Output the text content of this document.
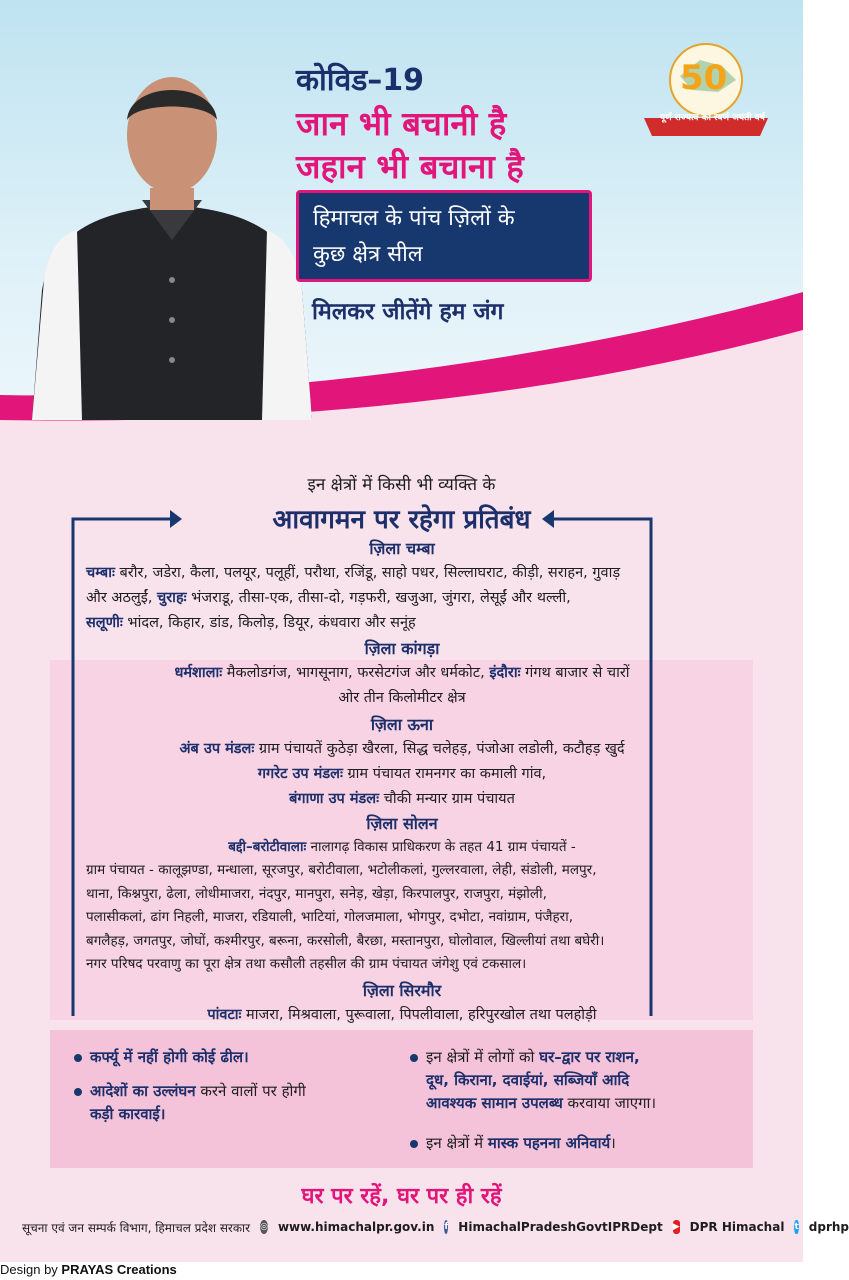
कोविड–19
जान भी बचानी है
जहान भी बचाना है
हिमाचल के पांच ज़िलों के
कुछ क्षेत्र सील
मिलकर जीतेंगे हम जंग
50
पूर्ण राज्यत्व का स्वर्ण जयंती वर्ष
इन क्षेत्रों में किसी भी व्यक्ति के
आवागमन पर रहेगा प्रतिबंध
ज़िला चम्बा
चम्बाः बरौर, जडेरा, कैला, पलयूर, पलूहीं, परौथा, रजिंडू, साहो पधर, सिल्लाघराट, कीड़ी, सराहन, गुवाड़
और अठलुईं, चुराहः भंजराडू, तीसा-एक, तीसा-दो, गड़फरी, खजुआ, जुंगरा, लेसूईं और थल्ली,
सलूणीः भांदल, किहार, डांड, किलोड़, डियूर, कंधवारा और सनूंह
ज़िला कांगड़ा
धर्मशालाः मैकलोडगंज, भागसूनाग, फरसेटगंज और धर्मकोट, इंदौराः गंगथ बाजार से चारों
ओर तीन किलोमीटर क्षेत्र
ज़िला ऊना
अंब उप मंडलः ग्राम पंचायतें कुठेड़ा खैरला, सिद्ध चलेहड़, पंजोआ लडोली, कटौहड़ खुर्द
गगरेट उप मंडलः ग्राम पंचायत रामनगर का कमाली गांव,
बंगाणा उप मंडलः चौकी मन्यार ग्राम पंचायत
ज़िला सोलन
बद्दी–बरोटीवालाः नालागढ़ विकास प्राधिकरण के तहत 41 ग्राम पंचायतें -
ग्राम पंचायत - कालूझण्डा, मन्धाला, सूरजपुर, बरोटीवाला, भटोलीकलां, गुल्लरवाला, लेही, संडोली, मलपुर,
थाना, किश्नपुरा, ढेला, लोधीमाजरा, नंदपुर, मानपुरा, सनेड़, खेड़ा, किरपालपुर, राजपुरा, मंझोली,
पलासीकलां, ढांग निहली, माजरा, रडियाली, भाटियां, गोलजमाला, भोगपुर, दभोटा, नवांग्राम, पंजैहरा,
बगलैहड़, जगतपुर, जोघों, कश्मीरपुर, बरूना, करसोली, बैरछा, मस्तानपुरा, घोलोवाल, खिल्लीयां तथा बघेरी।
नगर परिषद परवाणु का पूरा क्षेत्र तथा कसौली तहसील की ग्राम पंचायत जंगेशु एवं टकसाल।
ज़िला सिरमौर
पांवटाः माजरा, मिश्रवाला, पुरूवाला, पिपलीवाला, हरिपुरखोल तथा पलहोड़ी
कर्फ्यू में नहीं होगी कोई ढील।
आदेशों का उल्लंघन करने वालों पर होगी
कड़ी कारवाई।
इन क्षेत्रों में लोगों को घर–द्वार पर राशन,
दूध, किराना, दवाईयां, सब्जियाँ आदि
आवश्यक सामान उपलब्ध करवाया जाएगा।
इन क्षेत्रों में मास्क पहनना अनिवार्य।
घर पर रहें, घर पर ही रहें
सूचना एवं जन सम्पर्क विभाग, हिमाचल प्रदेश सरकार ◎ www.himachalpr.gov.in f HimachalPradeshGovtIPRDept ▶ DPR Himachal t dprhp
Design by PRAYAS Creations
